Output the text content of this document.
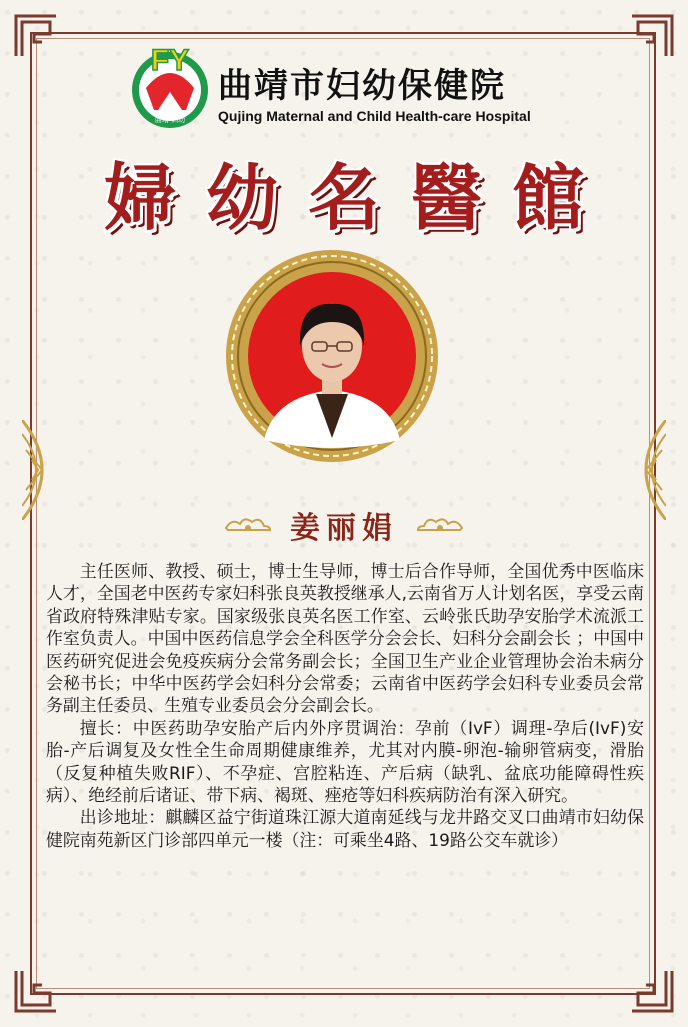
FY
曲靖 妇幼
曲靖市妇幼保健院
Qujing Maternal and Child Health-care Hospital
婦 幼 名 醫 館
姜丽娟

主任医师、教授、硕士，博士生导师，博士后合作导师，全国优秀中医临床人才，全国老中医药专家妇科张良英教授继承人,云南省万人计划名医，享受云南省政府特殊津贴专家。国家级张良英名医工作室、云岭张氏助孕安胎学术流派工作室负责人。中国中医药信息学会全科医学分会会长、妇科分会副会长 ；中国中医药研究促进会免疫疾病分会常务副会长；全国卫生产业企业管理协会治未病分会秘书长；中华中医药学会妇科分会常委；云南省中医药学会妇科专业委员会常务副主任委员、生殖专业委员会分会副会长。

擅长：中医药助孕安胎产后内外序贯调治：孕前（IvF）调理-孕后(IvF)安胎-产后调复及女性全生命周期健康维养，尤其对内膜-卵泡-输卵管病变，滑胎（反复种植失败RIF）、不孕症、宫腔粘连、产后病（缺乳、盆底功能障碍性疾病）、绝经前后诸证、带下病、褐斑、痤疮等妇科疾病防治有深入研究。

出诊地址：麒麟区益宁街道珠江源大道南延线与龙井路交叉口曲靖市妇幼保健院南苑新区门诊部四单元一楼（注：可乘坐4路、19路公交车就诊）
